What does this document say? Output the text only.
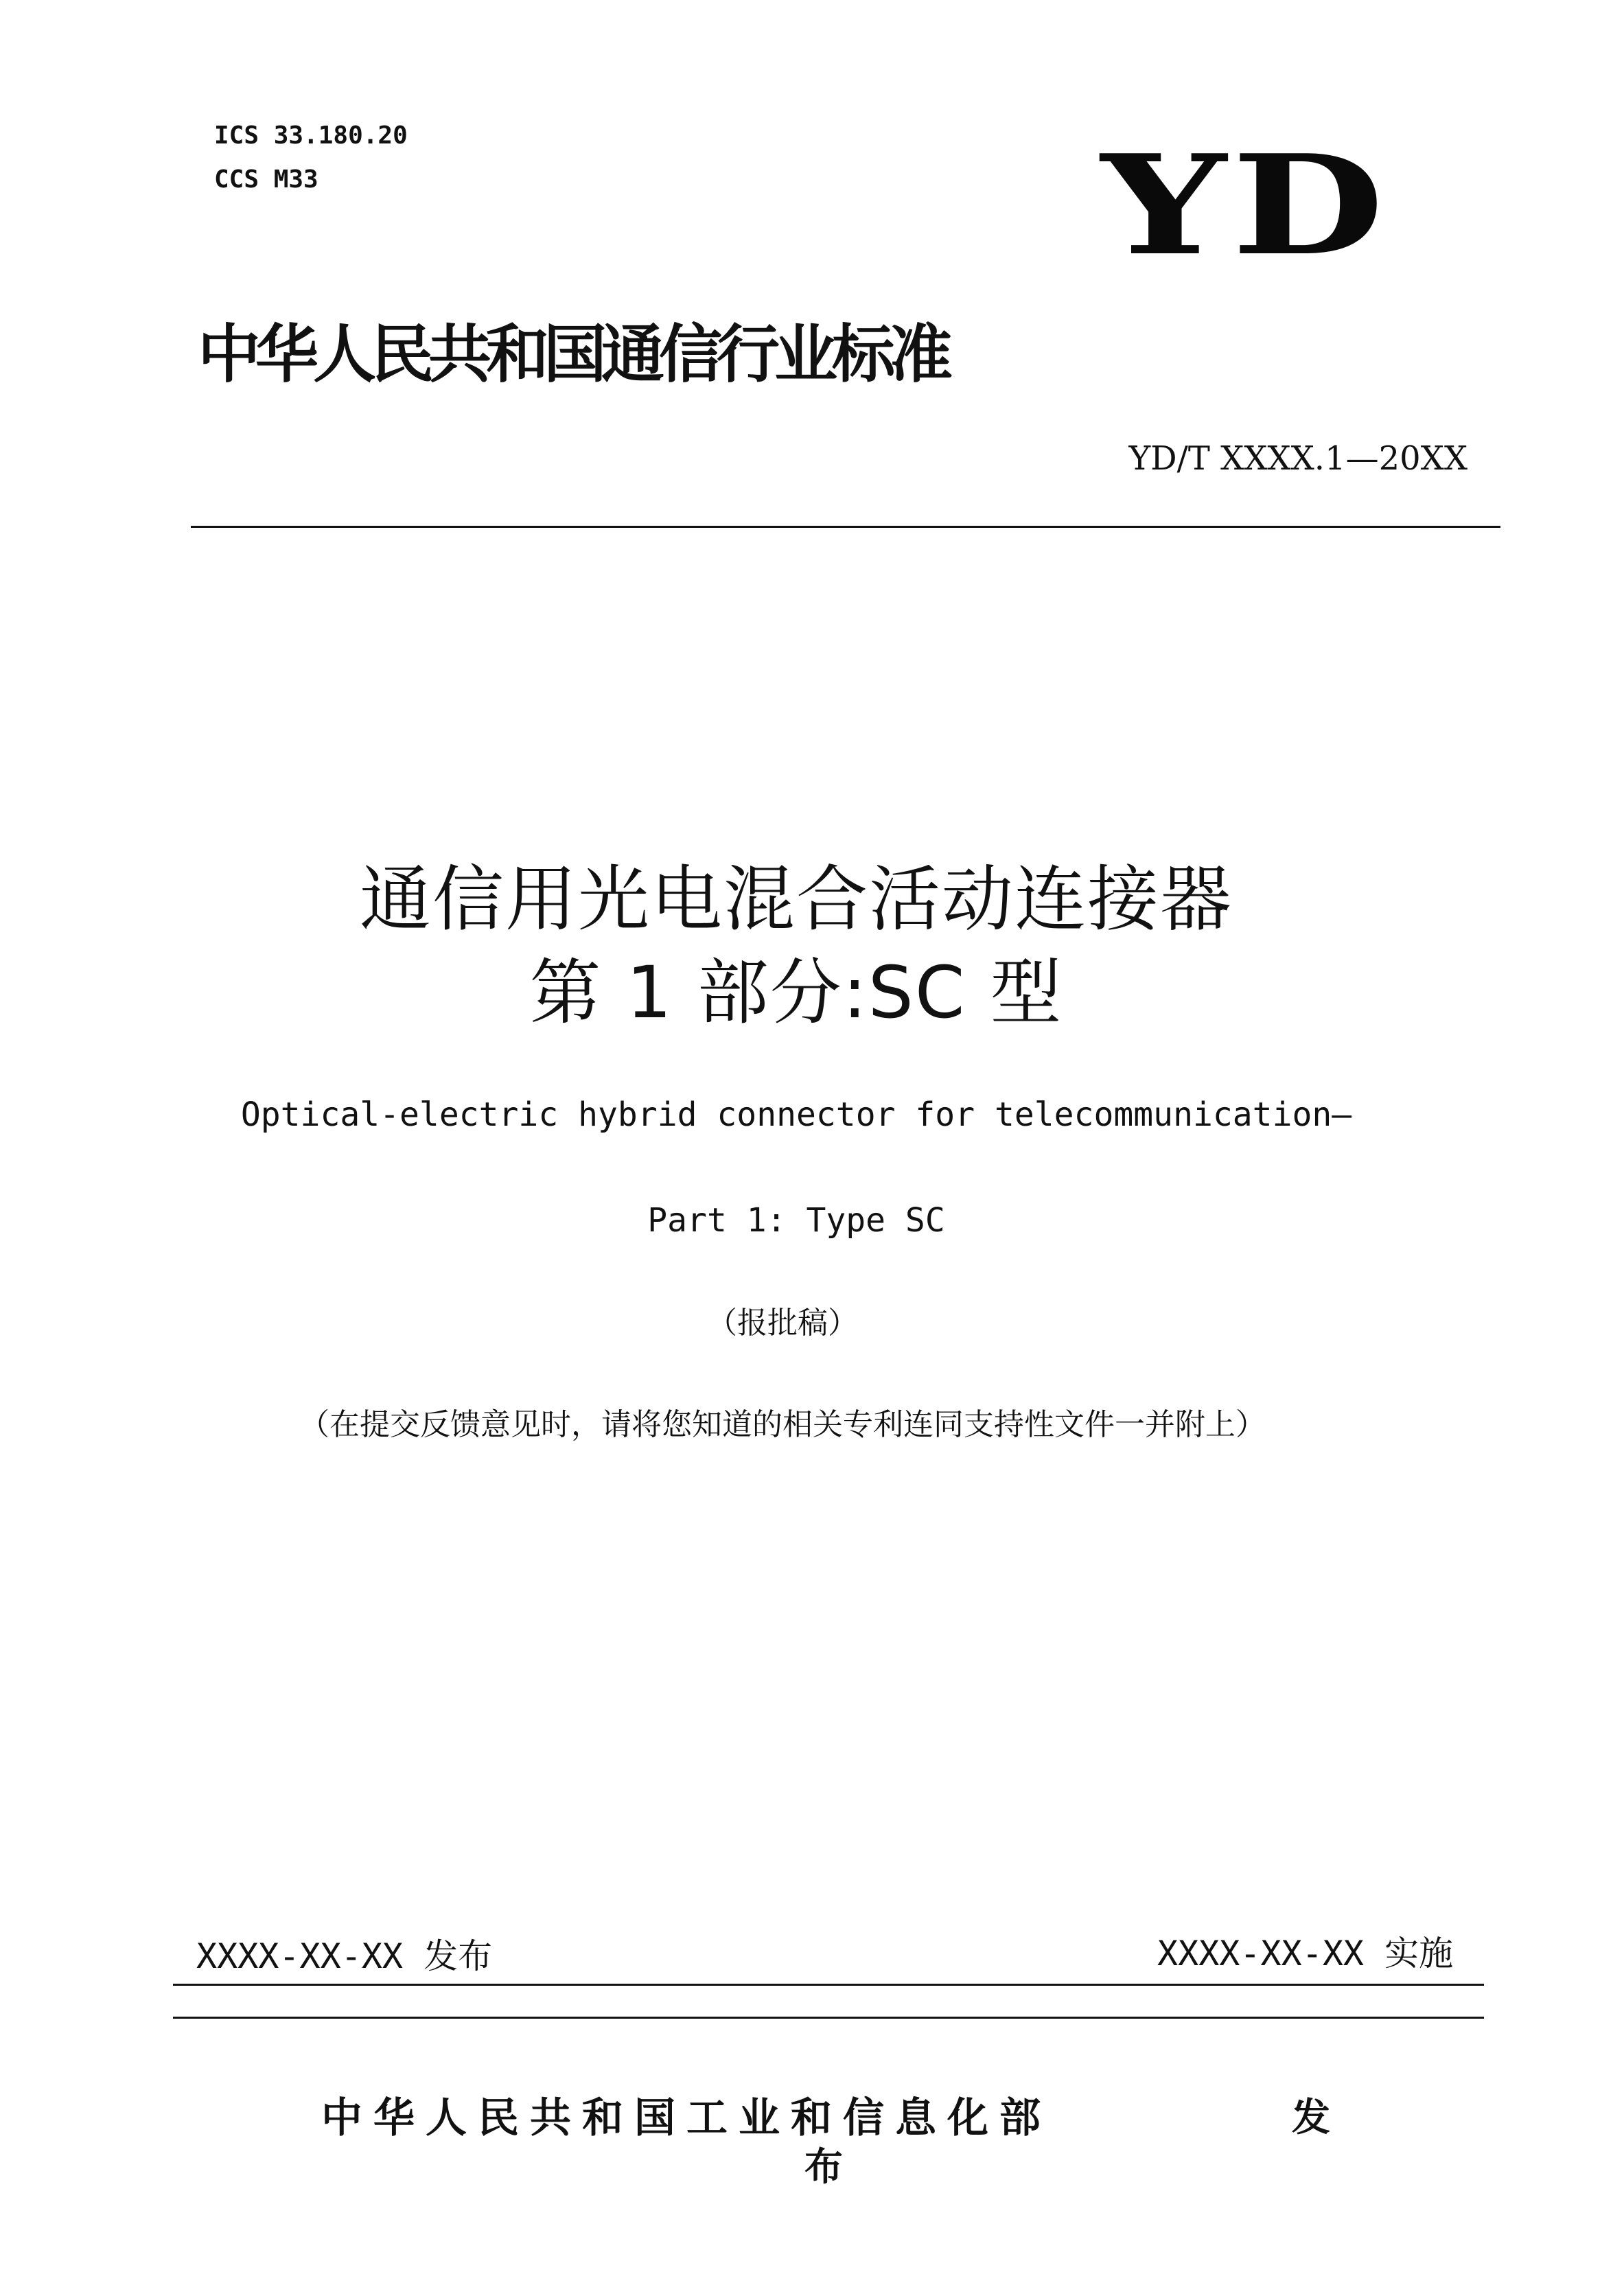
ICS 33.180.20
CCS M33	YD
中华人民共和国通信行业标准
YD/T XXXX.1—20XX
通信用光电混合活动连接器
第 1 部分:SC 型
Optical-electric hybrid connector for telecommunication—
Part 1: Type SC
（报批稿）
（在提交反馈意见时，请将您知道的相关专利连同支持性文件一并附上）
XXXX-XX-XX 发布	XXXX-XX-XX 实施
中华人民共和国工业和信息化部	发
布
